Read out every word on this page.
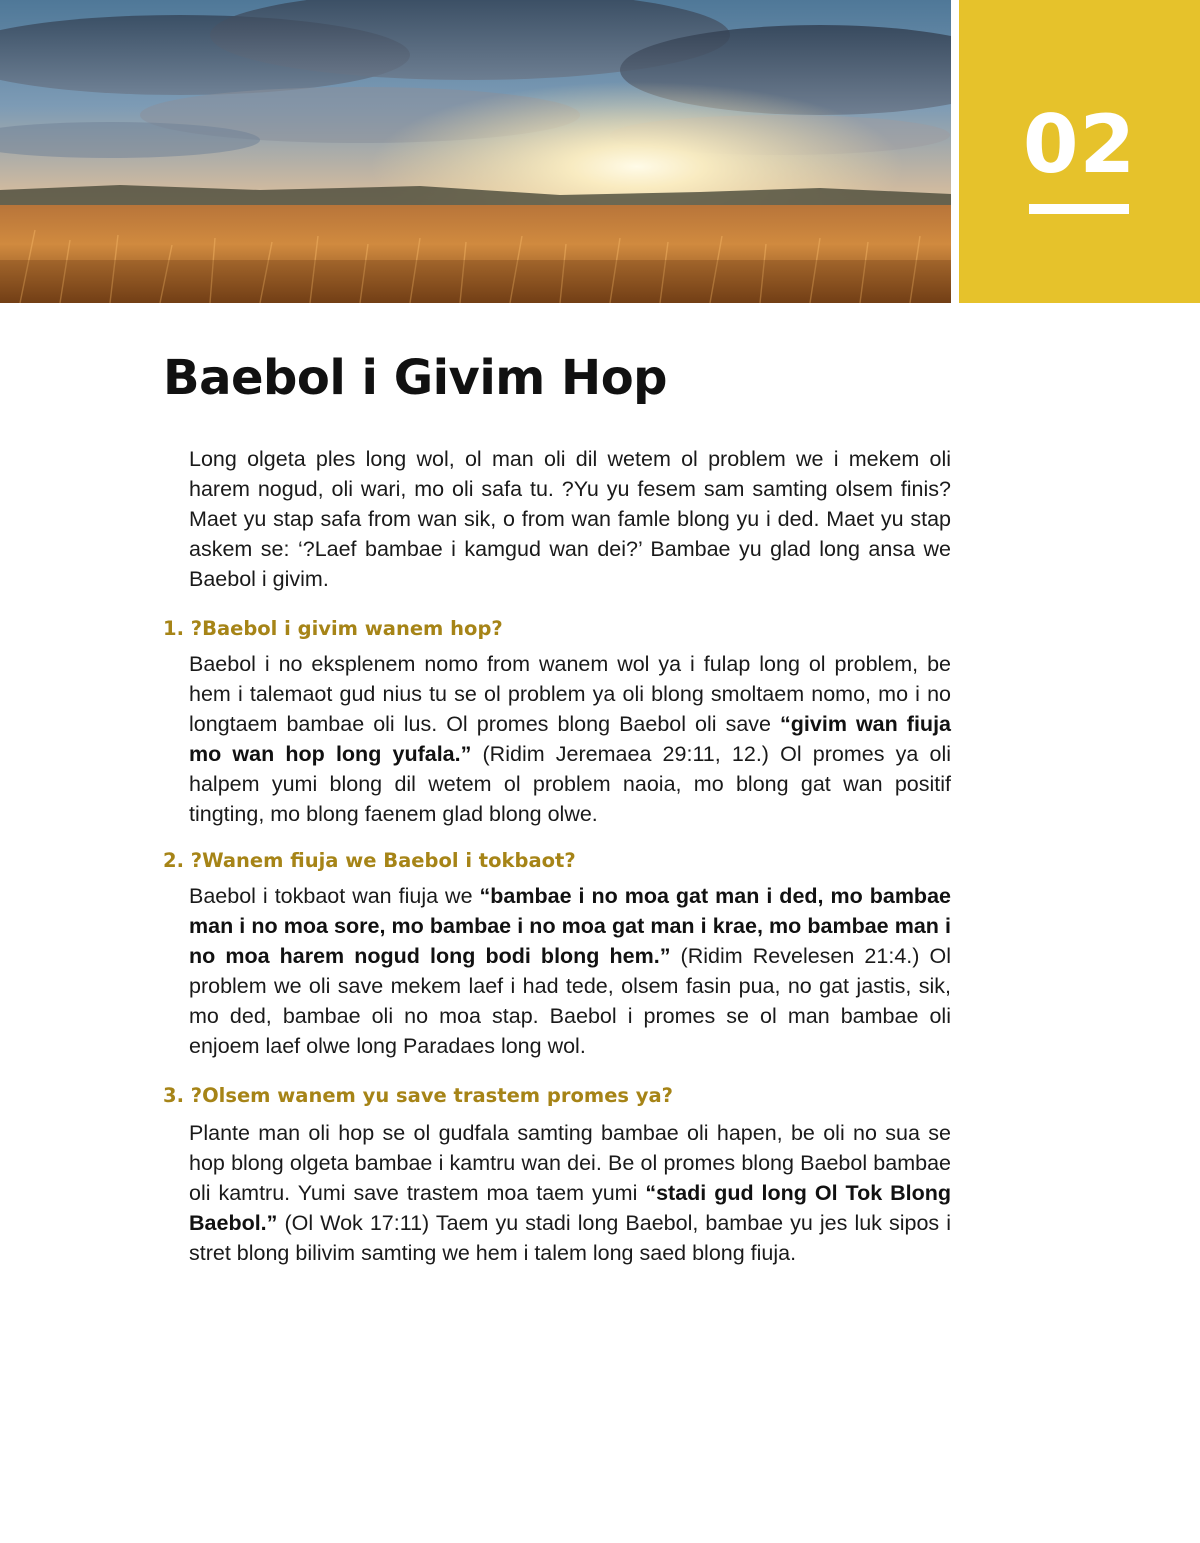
02
Baebol i Givim Hop

Long olgeta ples long wol, ol man oli dil wetem ol problem we i mekem oli harem nogud, oli wari, mo oli safa tu. ?Yu yu fesem sam samting olsem finis? Maet yu stap safa from wan sik, o from wan famle blong yu i ded. Maet yu stap askem se: ‘?Laef bambae i kamgud wan dei?’ Bambae yu glad long ansa we Baebol i givim.

1. ?Baebol i givim wanem hop?

Baebol i no eksplenem nomo from wanem wol ya i fulap long ol problem, be hem i talemaot gud nius tu se ol problem ya oli blong smoltaem nomo, mo i no longtaem bambae oli lus. Ol promes blong Baebol oli save “givim wan fiuja mo wan hop long yufala.” (Ridim Jeremaea 29:11, 12.) Ol promes ya oli halpem yumi blong dil wetem ol problem naoia, mo blong gat wan positif tingting, mo blong faenem glad blong olwe.

2. ?Wanem fiuja we Baebol i tokbaot?

Baebol i tokbaot wan fiuja we “bambae i no moa gat man i ded, mo bambae man i no moa sore, mo bambae i no moa gat man i krae, mo bambae man i no moa harem nogud long bodi blong hem.” (Ridim Revelesen 21:4.) Ol problem we oli save mekem laef i had tede, olsem fasin pua, no gat jastis, sik, mo ded, bambae oli no moa stap. Baebol i promes se ol man bambae oli enjoem laef olwe long Paradaes long wol.

3. ?Olsem wanem yu save trastem promes ya?

Plante man oli hop se ol gudfala samting bambae oli hapen, be oli no sua se hop blong olgeta bambae i kamtru wan dei. Be ol promes blong Baebol bambae oli kamtru. Yumi save trastem moa taem yumi “stadi gud long Ol Tok Blong Baebol.” (Ol Wok 17:11) Taem yu stadi long Baebol, bambae yu jes luk sipos i stret blong bilivim samting we hem i talem long saed blong fiuja.
